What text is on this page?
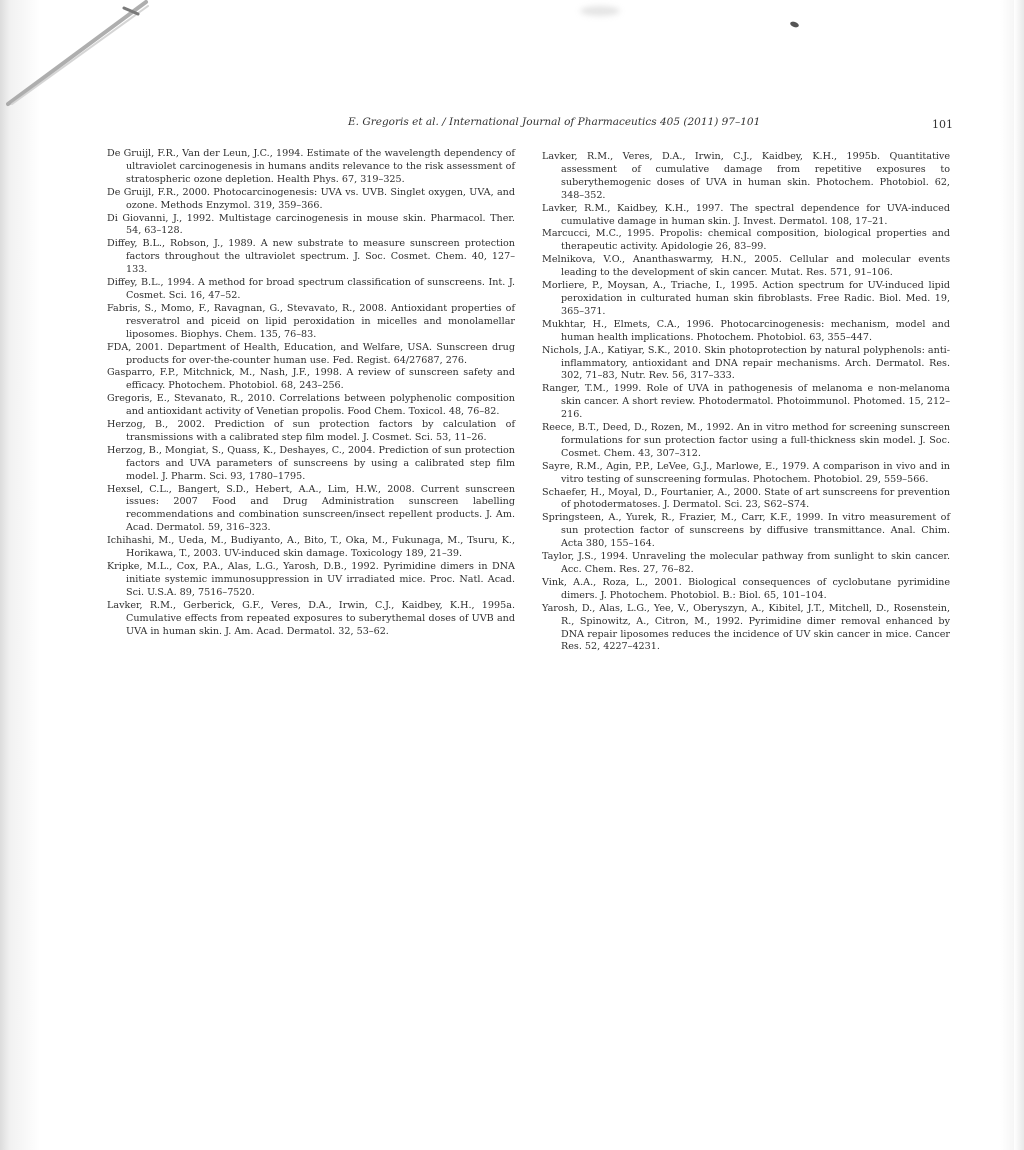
E. Gregoris et al. / International Journal of Pharmaceutics 405 (2011) 97–101	101
De Gruijl, F.R., Van der Leun, J.C., 1994. Estimate of the wavelength dependency of ultraviolet carcinogenesis in humans andits relevance to the risk assessment of stratospheric ozone depletion. Health Phys. 67, 319–325.
De Gruijl, F.R., 2000. Photocarcinogenesis: UVA vs. UVB. Singlet oxygen, UVA, and ozone. Methods Enzymol. 319, 359–366.
Di Giovanni, J., 1992. Multistage carcinogenesis in mouse skin. Pharmacol. Ther. 54, 63–128.
Diffey, B.L., Robson, J., 1989. A new substrate to measure sunscreen protection factors throughout the ultraviolet spectrum. J. Soc. Cosmet. Chem. 40, 127–133.
Diffey, B.L., 1994. A method for broad spectrum classification of sunscreens. Int. J. Cosmet. Sci. 16, 47–52.
Fabris, S., Momo, F., Ravagnan, G., Stevavato, R., 2008. Antioxidant properties of resveratrol and piceid on lipid peroxidation in micelles and monolamellar liposomes. Biophys. Chem. 135, 76–83.
FDA, 2001. Department of Health, Education, and Welfare, USA. Sunscreen drug products for over-the-counter human use. Fed. Regist. 64/27687, 276.
Gasparro, F.P., Mitchnick, M., Nash, J.F., 1998. A review of sunscreen safety and efficacy. Photochem. Photobiol. 68, 243–256.
Gregoris, E., Stevanato, R., 2010. Correlations between polyphenolic composition and antioxidant activity of Venetian propolis. Food Chem. Toxicol. 48, 76–82.
Herzog, B., 2002. Prediction of sun protection factors by calculation of transmissions with a calibrated step film model. J. Cosmet. Sci. 53, 11–26.
Herzog, B., Mongiat, S., Quass, K., Deshayes, C., 2004. Prediction of sun protection factors and UVA parameters of sunscreens by using a calibrated step film model. J. Pharm. Sci. 93, 1780–1795.
Hexsel, C.L., Bangert, S.D., Hebert, A.A., Lim, H.W., 2008. Current sunscreen issues: 2007 Food and Drug Administration sunscreen labelling recommendations and combination sunscreen/insect repellent products. J. Am. Acad. Dermatol. 59, 316–323.
Ichihashi, M., Ueda, M., Budiyanto, A., Bito, T., Oka, M., Fukunaga, M., Tsuru, K., Horikawa, T., 2003. UV-induced skin damage. Toxicology 189, 21–39.
Kripke, M.L., Cox, P.A., Alas, L.G., Yarosh, D.B., 1992. Pyrimidine dimers in DNA initiate systemic immunosuppression in UV irradiated mice. Proc. Natl. Acad. Sci. U.S.A. 89, 7516–7520.
Lavker, R.M., Gerberick, G.F., Veres, D.A., Irwin, C.J., Kaidbey, K.H., 1995a. Cumulative effects from repeated exposures to suberythemal doses of UVB and UVA in human skin. J. Am. Acad. Dermatol. 32, 53–62.
Lavker, R.M., Veres, D.A., Irwin, C.J., Kaidbey, K.H., 1995b. Quantitative assessment of cumulative damage from repetitive exposures to suberythemogenic doses of UVA in human skin. Photochem. Photobiol. 62, 348–352.
Lavker, R.M., Kaidbey, K.H., 1997. The spectral dependence for UVA-induced cumulative damage in human skin. J. Invest. Dermatol. 108, 17–21.
Marcucci, M.C., 1995. Propolis: chemical composition, biological properties and therapeutic activity. Apidologie 26, 83–99.
Melnikova, V.O., Ananthaswarmy, H.N., 2005. Cellular and molecular events leading to the development of skin cancer. Mutat. Res. 571, 91–106.
Morliere, P., Moysan, A., Triache, I., 1995. Action spectrum for UV-induced lipid peroxidation in culturated human skin fibroblasts. Free Radic. Biol. Med. 19, 365–371.
Mukhtar, H., Elmets, C.A., 1996. Photocarcinogenesis: mechanism, model and human health implications. Photochem. Photobiol. 63, 355–447.
Nichols, J.A., Katiyar, S.K., 2010. Skin photoprotection by natural polyphenols: anti-inflammatory, antioxidant and DNA repair mechanisms. Arch. Dermatol. Res. 302, 71–83, Nutr. Rev. 56, 317–333.
Ranger, T.M., 1999. Role of UVA in pathogenesis of melanoma e non-melanoma skin cancer. A short review. Photodermatol. Photoimmunol. Photomed. 15, 212–216.
Reece, B.T., Deed, D., Rozen, M., 1992. An in vitro method for screening sunscreen formulations for sun protection factor using a full-thickness skin model. J. Soc. Cosmet. Chem. 43, 307–312.
Sayre, R.M., Agin, P.P., LeVee, G.J., Marlowe, E., 1979. A comparison in vivo and in vitro testing of sunscreening formulas. Photochem. Photobiol. 29, 559–566.
Schaefer, H., Moyal, D., Fourtanier, A., 2000. State of art sunscreens for prevention of photodermatoses. J. Dermatol. Sci. 23, S62–S74.
Springsteen, A., Yurek, R., Frazier, M., Carr, K.F., 1999. In vitro measurement of sun protection factor of sunscreens by diffusive transmittance. Anal. Chim. Acta 380, 155–164.
Taylor, J.S., 1994. Unraveling the molecular pathway from sunlight to skin cancer. Acc. Chem. Res. 27, 76–82.
Vink, A.A., Roza, L., 2001. Biological consequences of cyclobutane pyrimidine dimers. J. Photochem. Photobiol. B.: Biol. 65, 101–104.
Yarosh, D., Alas, L.G., Yee, V., Oberyszyn, A., Kibitel, J.T., Mitchell, D., Rosenstein, R., Spinowitz, A., Citron, M., 1992. Pyrimidine dimer removal enhanced by DNA repair liposomes reduces the incidence of UV skin cancer in mice. Cancer Res. 52, 4227–4231.
